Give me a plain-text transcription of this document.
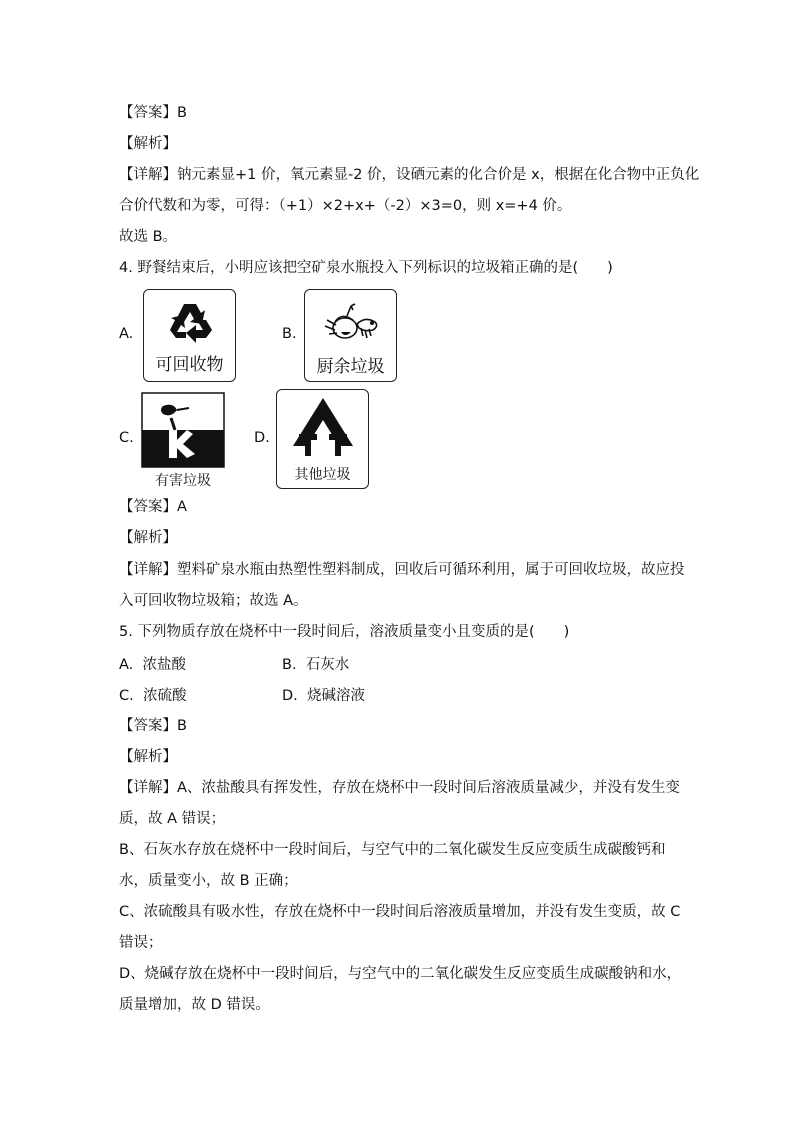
【答案】B
【解析】
【详解】钠元素显+1 价，氧元素显-2 价，设硒元素的化合价是 x，根据在化合物中正负化
合价代数和为零，可得：（+1）×2+x+（-2）×3=0，则 x=+4 价。
故选 B。
4. 野餐结束后，小明应该把空矿泉水瓶投入下列标识的垃圾箱正确的是(　　)
A.
可回收物
B.
厨余垃圾
C.
有害垃圾
D.
其他垃圾
【答案】A
【解析】
【详解】塑料矿泉水瓶由热塑性塑料制成，回收后可循环利用，属于可回收垃圾，故应投
入可回收物垃圾箱；故选 A。
5. 下列物质存放在烧杯中一段时间后，溶液质量变小且变质的是(　　)
A. 浓盐酸	B. 石灰水
C. 浓硫酸	D. 烧碱溶液
【答案】B
【解析】
【详解】A、浓盐酸具有挥发性，存放在烧杯中一段时间后溶液质量减少，并没有发生变
质，故 A 错误；
B、石灰水存放在烧杯中一段时间后，与空气中的二氧化碳发生反应变质生成碳酸钙和
水，质量变小，故 B 正确；
C、浓硫酸具有吸水性，存放在烧杯中一段时间后溶液质量增加，并没有发生变质，故 C
错误；
D、烧碱存放在烧杯中一段时间后，与空气中的二氧化碳发生反应变质生成碳酸钠和水，
质量增加，故 D 错误。
